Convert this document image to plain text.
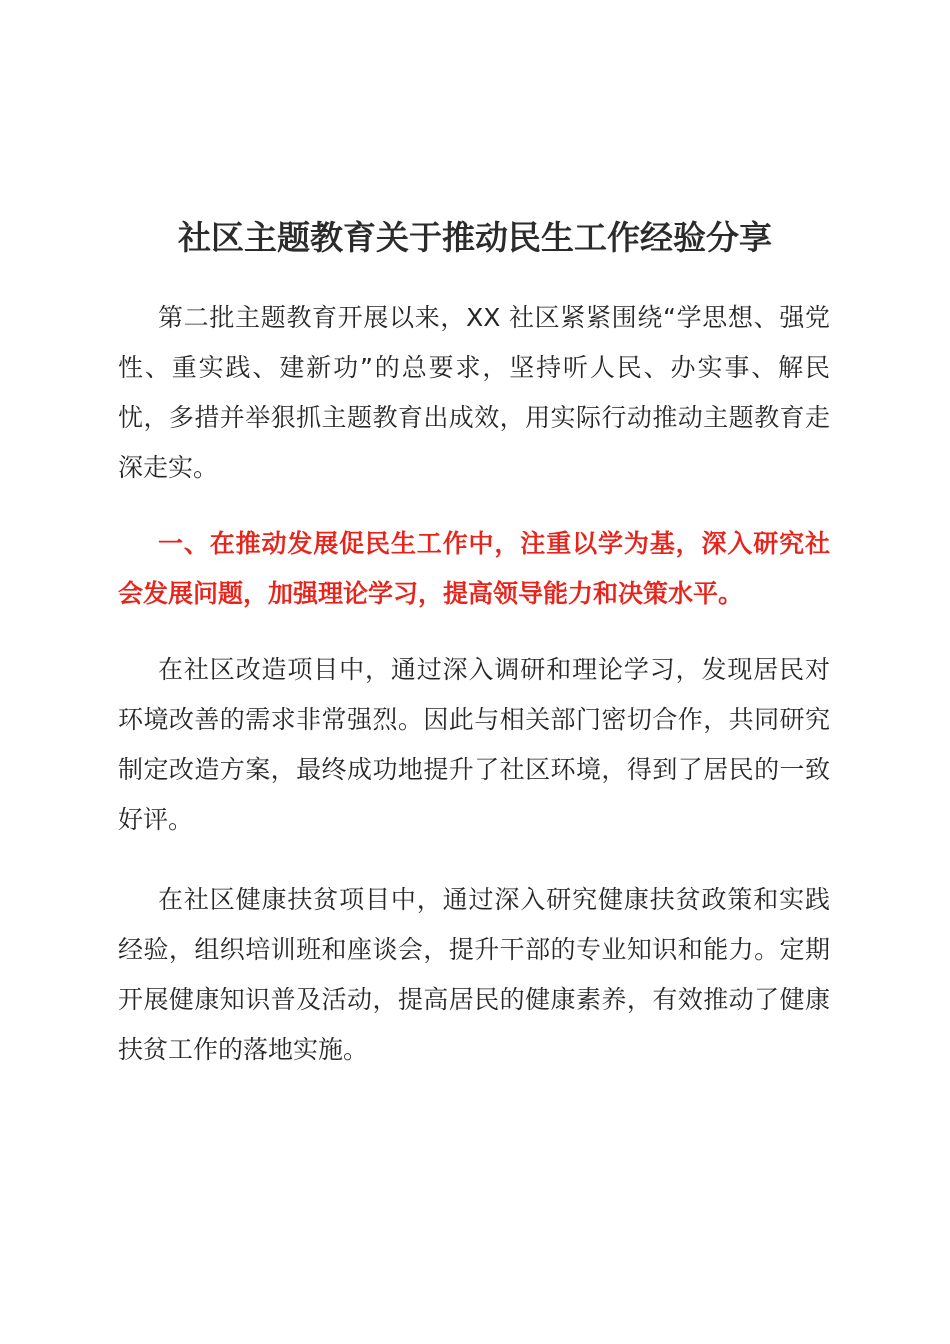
社区主题教育关于推动民生工作经验分享

第二批主题教育开展以来，XX 社区紧紧围绕“学思想、强党性、重实践、建新功”的总要求，坚持听人民、办实事、解民忧，多措并举狠抓主题教育出成效，用实际行动推动主题教育走深走实。

一、在推动发展促民生工作中，注重以学为基，深入研究社会发展问题，加强理论学习，提高领导能力和决策水平。

在社区改造项目中，通过深入调研和理论学习，发现居民对环境改善的需求非常强烈。因此与相关部门密切合作，共同研究制定改造方案，最终成功地提升了社区环境，得到了居民的一致好评。

在社区健康扶贫项目中，通过深入研究健康扶贫政策和实践经验，组织培训班和座谈会，提升干部的专业知识和能力。定期开展健康知识普及活动，提高居民的健康素养，有效推动了健康扶贫工作的落地实施。
